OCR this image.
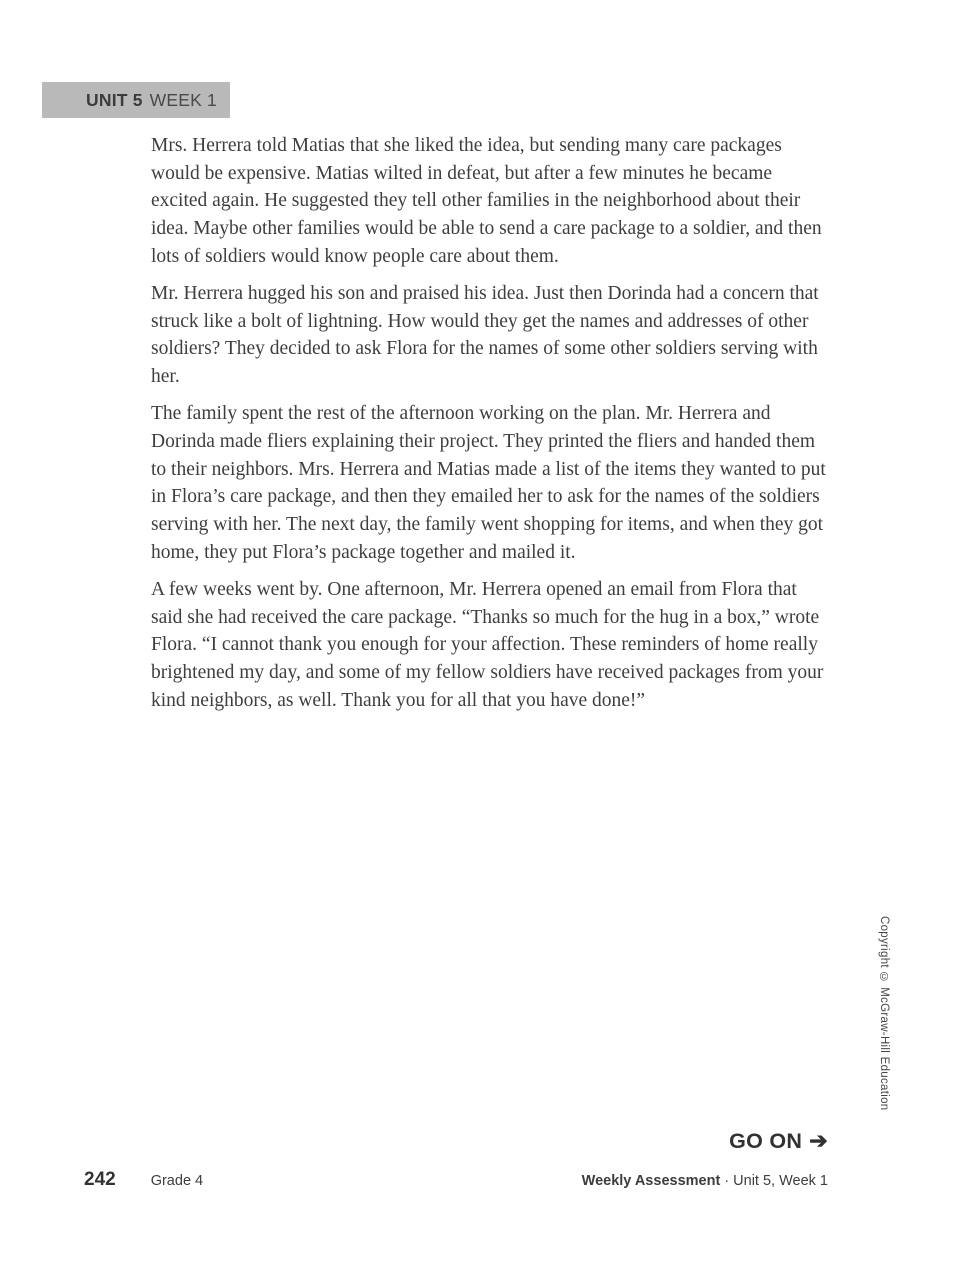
UNIT 5 WEEK 1

Mrs. Herrera told Matias that she liked the idea, but sending many care packages would be expensive. Matias wilted in defeat, but after a few minutes he became excited again. He suggested they tell other families in the neighborhood about their idea. Maybe other families would be able to send a care package to a soldier, and then lots of soldiers would know people care about them.

Mr. Herrera hugged his son and praised his idea. Just then Dorinda had a concern that struck like a bolt of lightning. How would they get the names and addresses of other soldiers? They decided to ask Flora for the names of some other soldiers serving with her.

The family spent the rest of the afternoon working on the plan. Mr. Herrera and Dorinda made fliers explaining their project. They printed the fliers and handed them to their neighbors. Mrs. Herrera and Matias made a list of the items they wanted to put in Flora’s care package, and then they emailed her to ask for the names of the soldiers serving with her. The next day, the family went shopping for items, and when they got home, they put Flora’s package together and mailed it.

A few weeks went by. One afternoon, Mr. Herrera opened an email from Flora that said she had received the care package. “Thanks so much for the hug in a box,” wrote Flora. “I cannot thank you enough for your affection. These reminders of home really brightened my day, and some of my fellow soldiers have received packages from your kind neighbors, as well. Thank you for all that you have done!”

Copyright © McGraw-Hill Education
GO ON ➔
242 Grade 4	Weekly Assessment · Unit 5, Week 1
